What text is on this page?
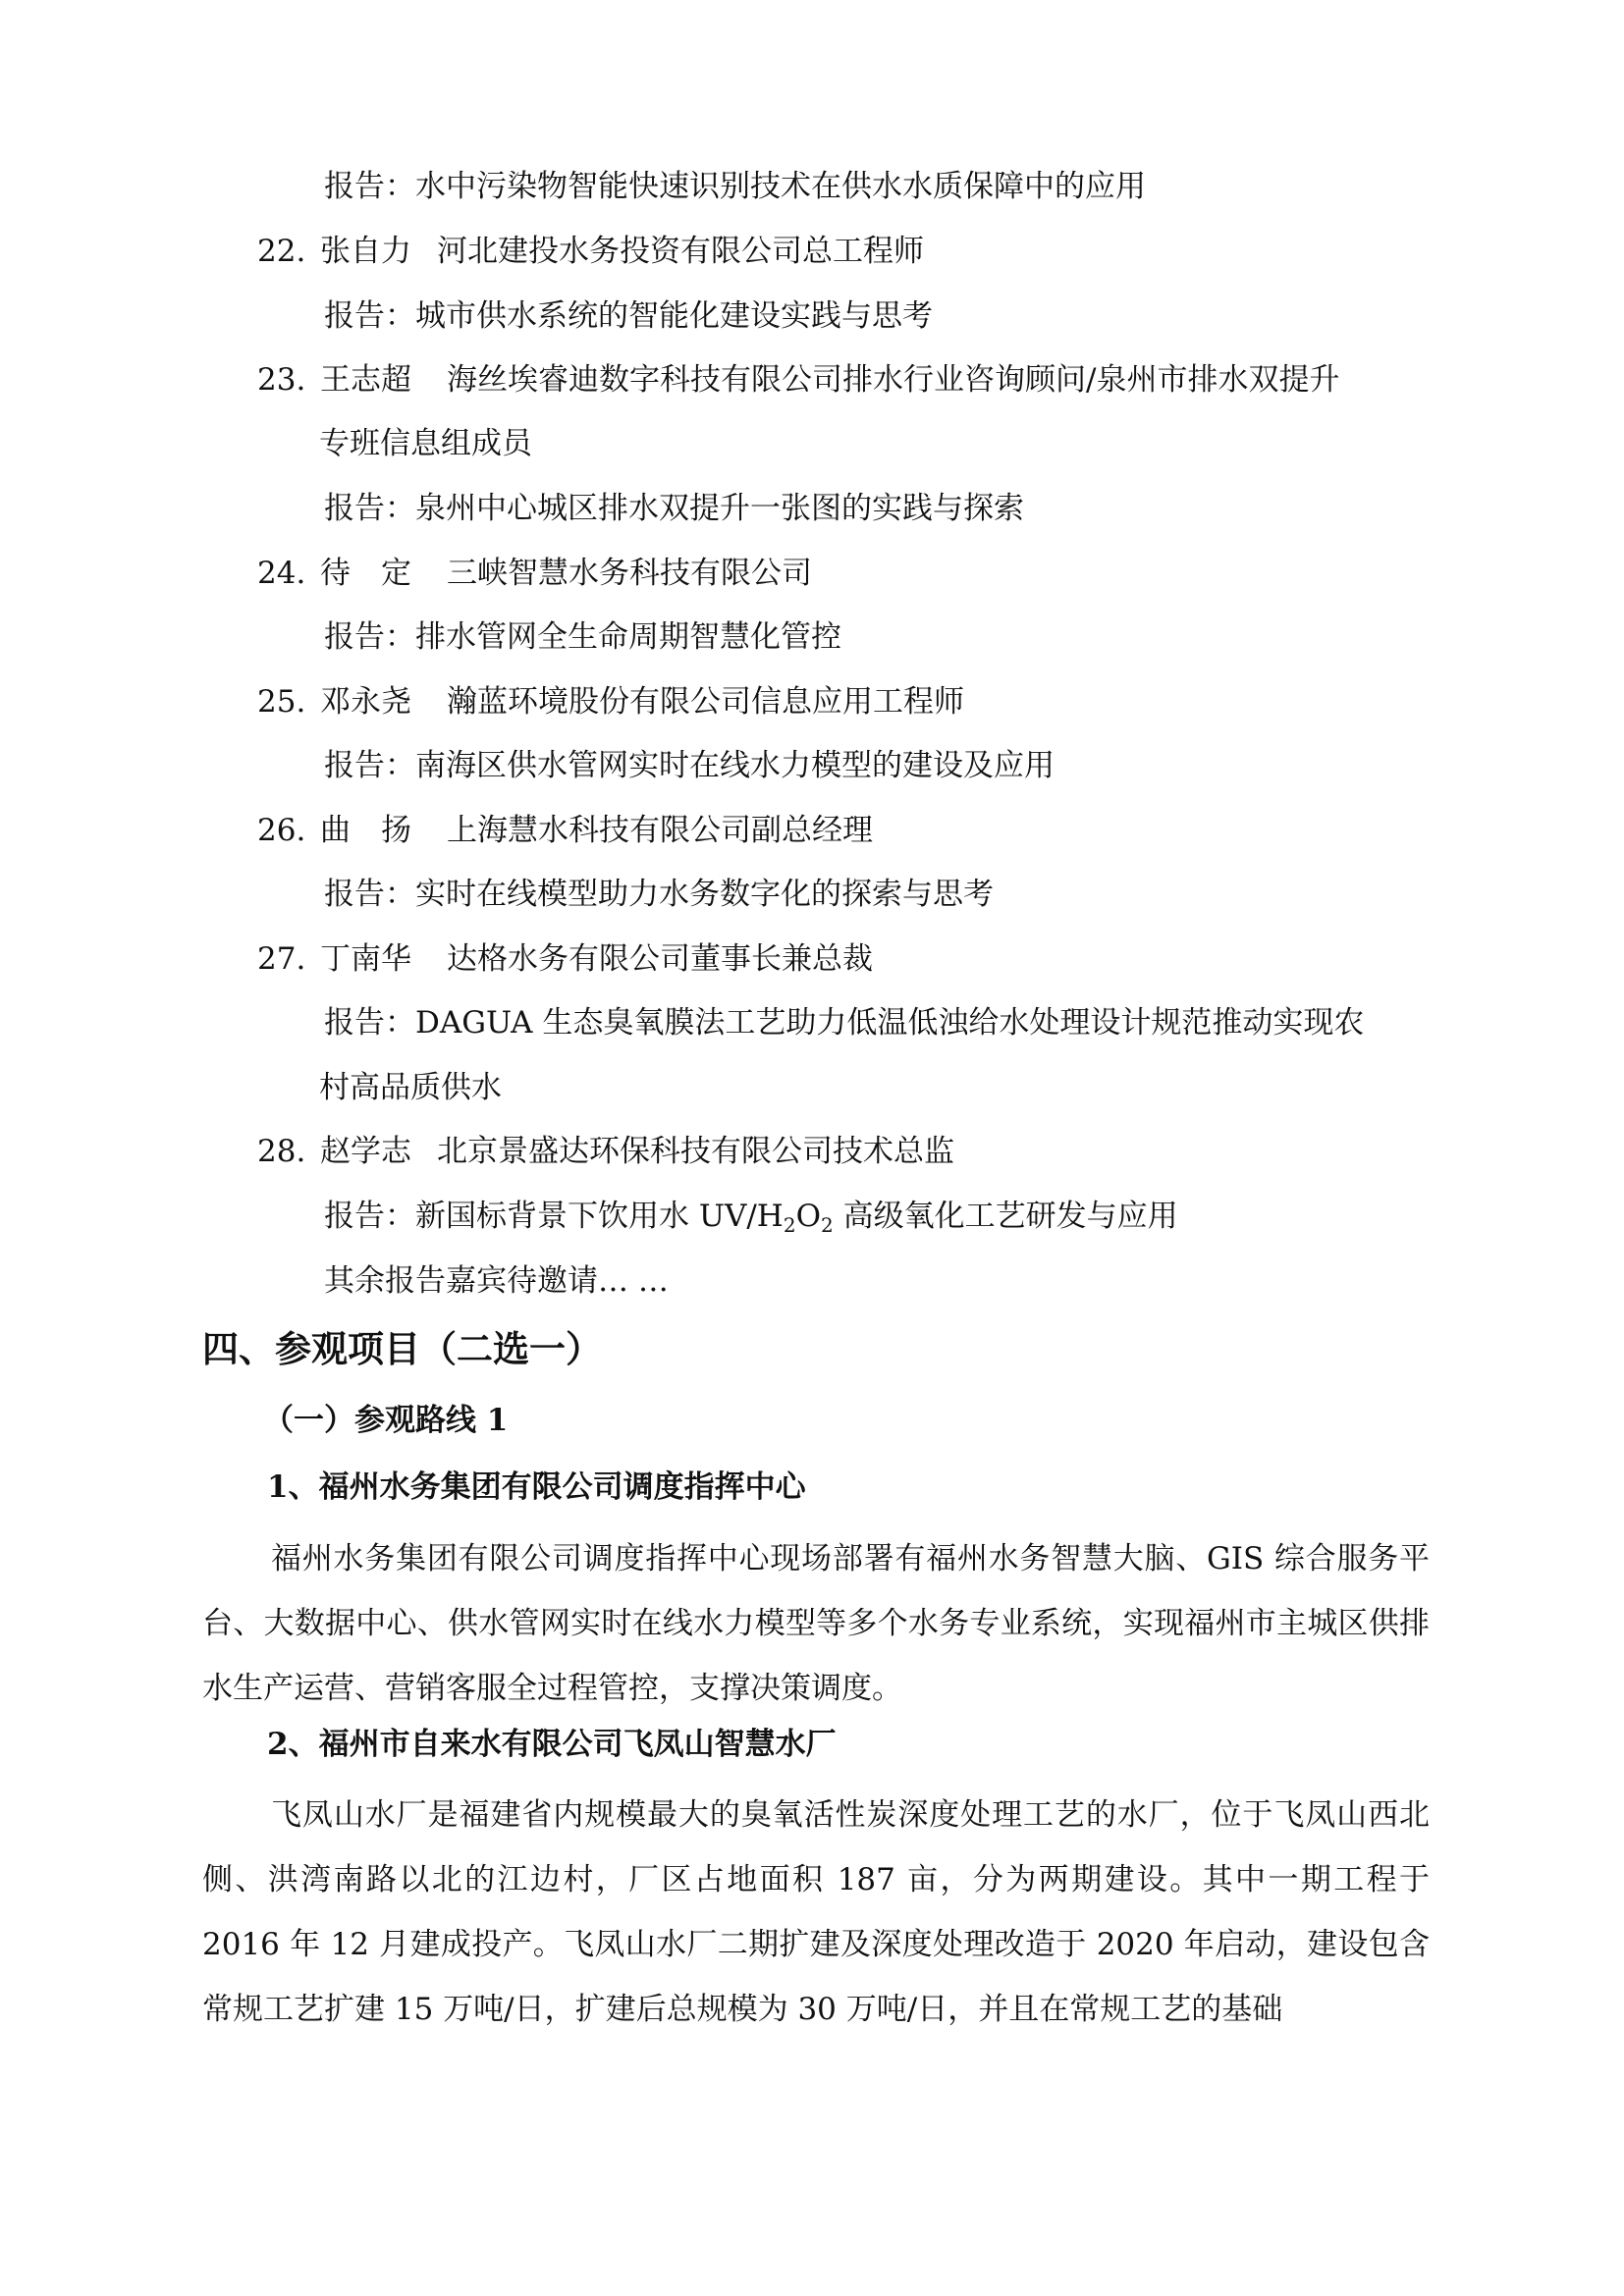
报告：水中污染物智能快速识别技术在供水水质保障中的应用
22. 张自力 河北建投水务投资有限公司总工程师
报告：城市供水系统的智能化建设实践与思考
23. 王志超 海丝埃睿迪数字科技有限公司排水行业咨询顾问/泉州市排水双提升
专班信息组成员
报告：泉州中心城区排水双提升一张图的实践与探索
24. 待　定 三峡智慧水务科技有限公司
报告：排水管网全生命周期智慧化管控
25. 邓永尧 瀚蓝环境股份有限公司信息应用工程师
报告：南海区供水管网实时在线水力模型的建设及应用
26. 曲　扬 上海慧水科技有限公司副总经理
报告：实时在线模型助力水务数字化的探索与思考
27. 丁南华 达格水务有限公司董事长兼总裁
报告：DAGUA 生态臭氧膜法工艺助力低温低浊给水处理设计规范推动实现农
村高品质供水
28. 赵学志 北京景盛达环保科技有限公司技术总监
报告：新国标背景下饮用水 $UV/H_2O_2$ 高级氧化工艺研发与应用
其余报告嘉宾待邀请… …
四、参观项目（二选一）
（一）参观路线 1
1、福州水务集团有限公司调度指挥中心
福州水务集团有限公司调度指挥中心现场部署有福州水务智慧大脑、GIS 综合服务平台、大数据中心、供水管网实时在线水力模型等多个水务专业系统，实现福州市主城区供排水生产运营、营销客服全过程管控，支撑决策调度。
2、福州市自来水有限公司飞凤山智慧水厂
飞凤山水厂是福建省内规模最大的臭氧活性炭深度处理工艺的水厂，位于飞凤山西北侧、洪湾南路以北的江边村，厂区占地面积 187 亩，分为两期建设。其中一期工程于 2016 年 12 月建成投产。飞凤山水厂二期扩建及深度处理改造于 2020 年启动，建设包含常规工艺扩建 15 万吨/日，扩建后总规模为 30 万吨/日，并且在常规工艺的基础
